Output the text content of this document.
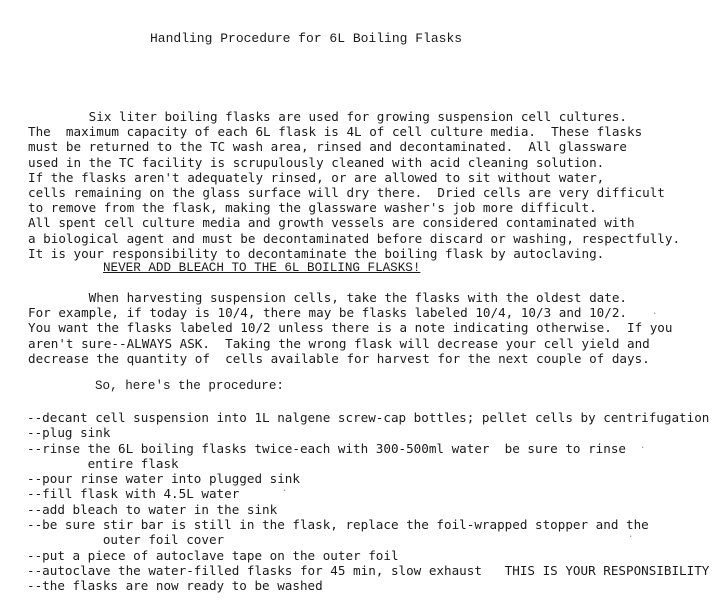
Handling Procedure for 6L Boiling Flasks
Six liter boiling flasks are used for growing suspension cell cultures.
The  maximum capacity of each 6L flask is 4L of cell culture media.  These flasks
must be returned to the TC wash area, rinsed and decontaminated.  All glassware
used in the TC facility is scrupulously cleaned with acid cleaning solution.
If the flasks aren't adequately rinsed, or are allowed to sit without water,
cells remaining on the glass surface will dry there.  Dried cells are very difficult
to remove from the flask, making the glassware washer's job more difficult.
All spent cell culture media and growth vessels are considered contaminated with
a biological agent and must be decontaminated before discard or washing, respectfully.
It is your responsibility to decontaminate the boiling flask by autoclaving.
NEVER ADD BLEACH TO THE 6L BOILING FLASKS!
When harvesting suspension cells, take the flasks with the oldest date.
For example, if today is 10/4, there may be flasks labeled 10/4, 10/3 and 10/2.
You want the flasks labeled 10/2 unless there is a note indicating otherwise.  If you
aren't sure--ALWAYS ASK.  Taking the wrong flask will decrease your cell yield and
decrease the quantity of  cells available for harvest for the next couple of days.
So, here's the procedure:
--decant cell suspension into 1L nalgene screw-cap bottles; pellet cells by centrifugation
--plug sink
--rinse the 6L boiling flasks twice-each with 300-500ml water  be sure to rinse
entire flask
--pour rinse water into plugged sink
--fill flask with 4.5L water
--add bleach to water in the sink
--be sure stir bar is still in the flask, replace the foil-wrapped stopper and the
outer foil cover
--put a piece of autoclave tape on the outer foil
--autoclave the water-filled flasks for 45 min, slow exhaust   THIS IS YOUR RESPONSIBILITY
--the flasks are now ready to be washed
·
·
·
·
